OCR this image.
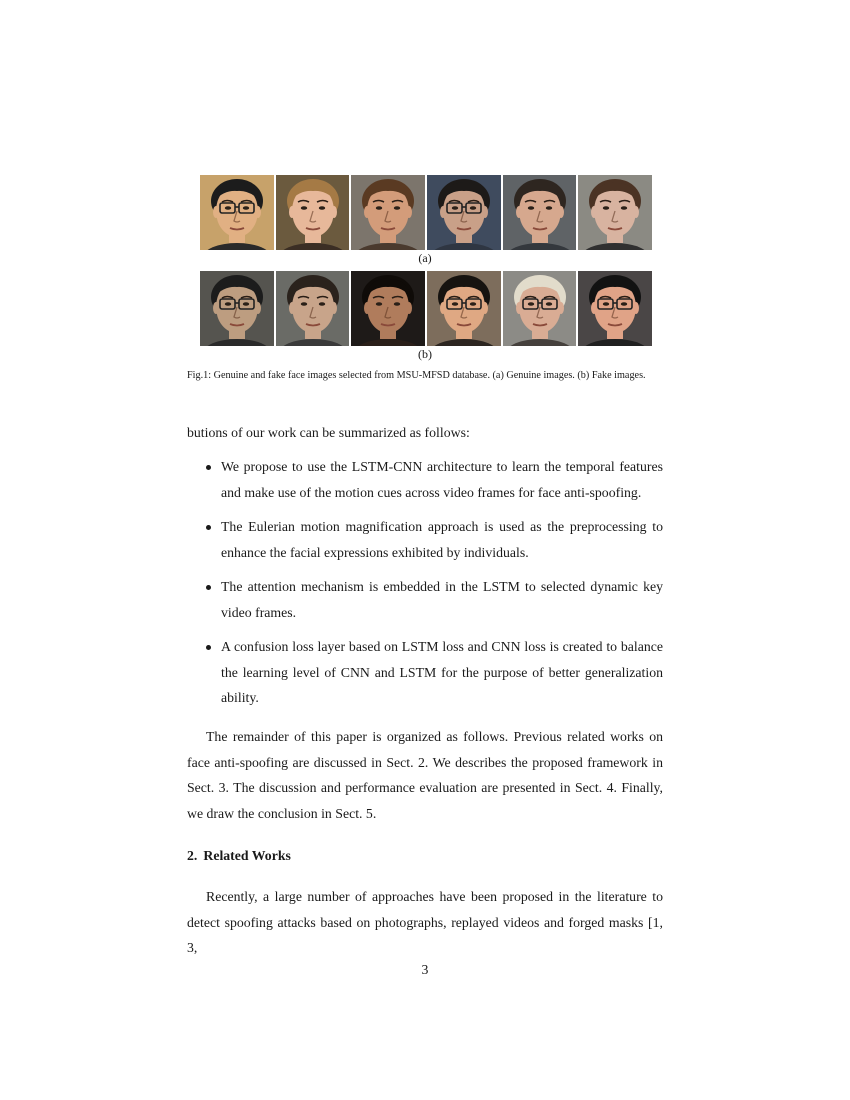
(a)
(b)
Fig.1: Genuine and fake face images selected from MSU-MFSD database. (a) Genuine images. (b) Fake images.
butions of our work can be summarized as follows:
We propose to use the LSTM-CNN architecture to learn the temporal features and make use of the motion cues across video frames for face anti-spoofing.
The Eulerian motion magnification approach is used as the preprocessing to enhance the facial expressions exhibited by individuals.
The attention mechanism is embedded in the LSTM to selected dynamic key video frames.
A confusion loss layer based on LSTM loss and CNN loss is created to balance the learning level of CNN and LSTM for the purpose of better generalization ability.
The remainder of this paper is organized as follows. Previous related works on face anti-spoofing are discussed in Sect. 2. We describes the proposed framework in Sect. 3. The discussion and performance evaluation are presented in Sect. 4. Finally, we draw the conclusion in Sect. 5.
2. Related Works
Recently, a large number of approaches have been proposed in the literature to detect spoofing attacks based on photographs, replayed videos and forged masks [1, 3,
3
